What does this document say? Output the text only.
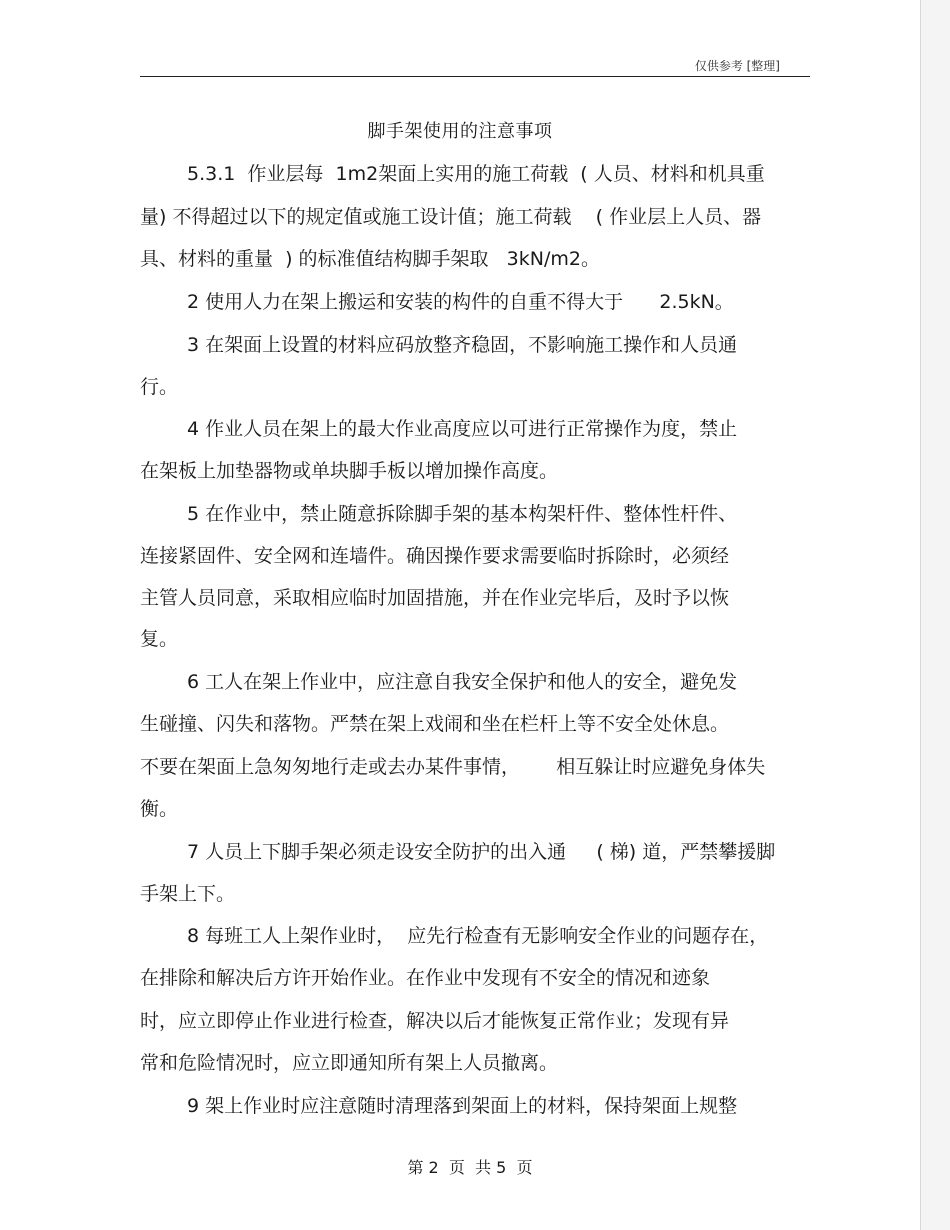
仅供参考 [整理]
脚手架使用的注意事项
5.3.1  作业层每  1m2架面上实用的施工荷载  ( 人员、材料和机具重
量) 不得超过以下的规定值或施工设计值；施工荷载    ( 作业层上人员、器
具、材料的重量  ) 的标准值结构脚手架取   3kN/m2。
2 使用人力在架上搬运和安装的构件的自重不得大于      2.5kN。
3 在架面上设置的材料应码放整齐稳固，不影响施工操作和人员通
行。
4 作业人员在架上的最大作业高度应以可进行正常操作为度，禁止
在架板上加垫器物或单块脚手板以增加操作高度。
5 在作业中，禁止随意拆除脚手架的基本构架杆件、整体性杆件、
连接紧固件、安全网和连墙件。确因操作要求需要临时拆除时，必须经
主管人员同意，采取相应临时加固措施，并在作业完毕后，及时予以恢
复。
6 工人在架上作业中，应注意自我安全保护和他人的安全，避免发
生碰撞、闪失和落物。严禁在架上戏闹和坐在栏杆上等不安全处休息。
不要在架面上急匆匆地行走或去办某件事情，      相互躲让时应避免身体失
衡。
7 人员上下脚手架必须走设安全防护的出入通     ( 梯) 道，严禁攀援脚
手架上下。
8 每班工人上架作业时，  应先行检查有无影响安全作业的问题存在，
在排除和解决后方许开始作业。在作业中发现有不安全的情况和迹象
时，应立即停止作业进行检查，解决以后才能恢复正常作业；发现有异
常和危险情况时，应立即通知所有架上人员撤离。
9 架上作业时应注意随时清理落到架面上的材料，保持架面上规整
第 2  页  共 5  页
